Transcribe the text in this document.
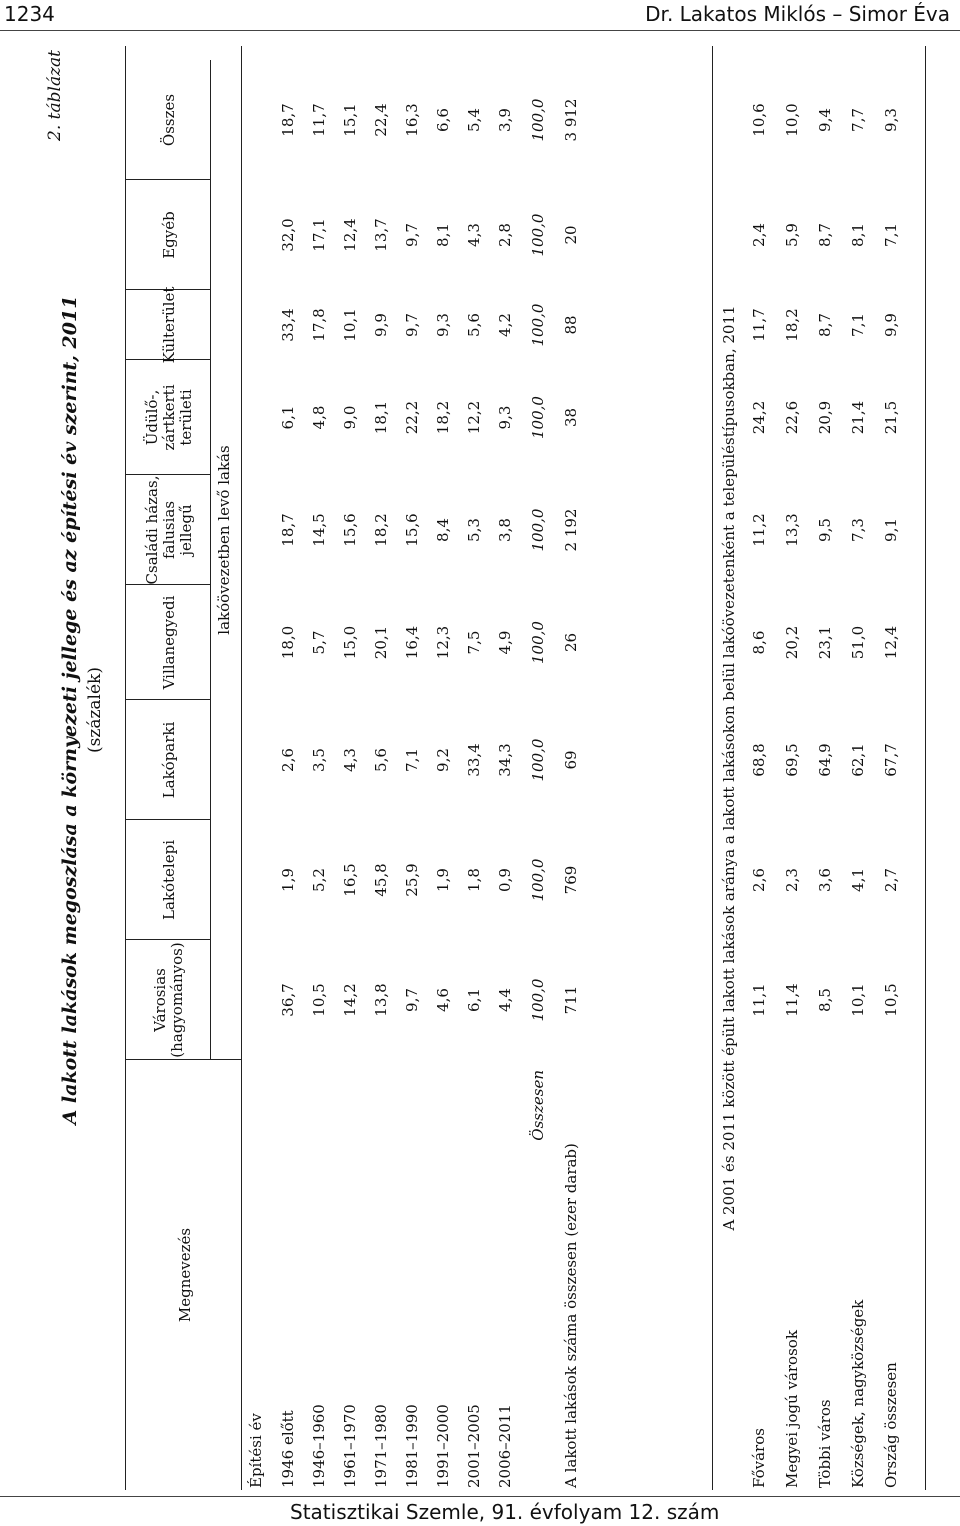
1234	Dr. Lakatos Miklós – Simor Éva
2. táblázat
A lakott lakások megoszlása a környezeti jellege és az építési év szerint, 2011 (százalék)
Megnevezés
Városias (hagyományos)
Lakótelepi
Lakóparki
Villanegyedi
Családi házas, falusias jellegű
Üdülő-, zártkerti területi
Külterület
Egyéb
Összes
lakóövezetben levő lakás
Építési év 1946 előtt
36,7
1,9
2,6
18,0
18,7
6,1
33,4
32,0
18,7
1946–1960
10,5
5,2
3,5
5,7
14,5
4,8
17,8
17,1
11,7
1961–1970
14,2
16,5
4,3
15,0
15,6
9,0
10,1
12,4
15,1
1971–1980
13,8
45,8
5,6
20,1
18,2
18,1
9,9
13,7
22,4
1981–1990
9,7
25,9
7,1
16,4
15,6
22,2
9,7
9,7
16,3
1991–2000
4,6
1,9
9,2
12,3
8,4
18,2
9,3
8,1
6,6
2001–2005
6,1
1,8
33,4
7,5
5,3
12,2
5,6
4,3
5,4
2006–2011
4,4
0,9
34,3
4,9
3,8
9,3
4,2
2,8
3,9
Összesen
100,0
100,0
100,0
100,0
100,0
100,0
100,0
100,0
100,0
A lakott lakások száma összesen (ezer darab)
711
769
69
26
2 192
38
88
20
3 912
A 2001 és 2011 között épült lakott lakások aránya a lakott lakásokon belül lakóövezetenként a településtípusokban, 2011
Főváros
11,1
2,6
68,8
8,6
11,2
24,2
11,7
2,4
10,6
Megyei jogú városok
11,4
2,3
69,5
20,2
13,3
22,6
18,2
5,9
10,0
Többi város
8,5
3,6
64,9
23,1
9,5
20,9
8,7
8,7
9,4
Községek, nagyközségek
10,1
4,1
62,1
51,0
7,3
21,4
7,1
8,1
7,7
Ország összesen
10,5
2,7
67,7
12,4
9,1
21,5
9,9
7,1
9,3
Statisztikai Szemle, 91. évfolyam 12. szám
